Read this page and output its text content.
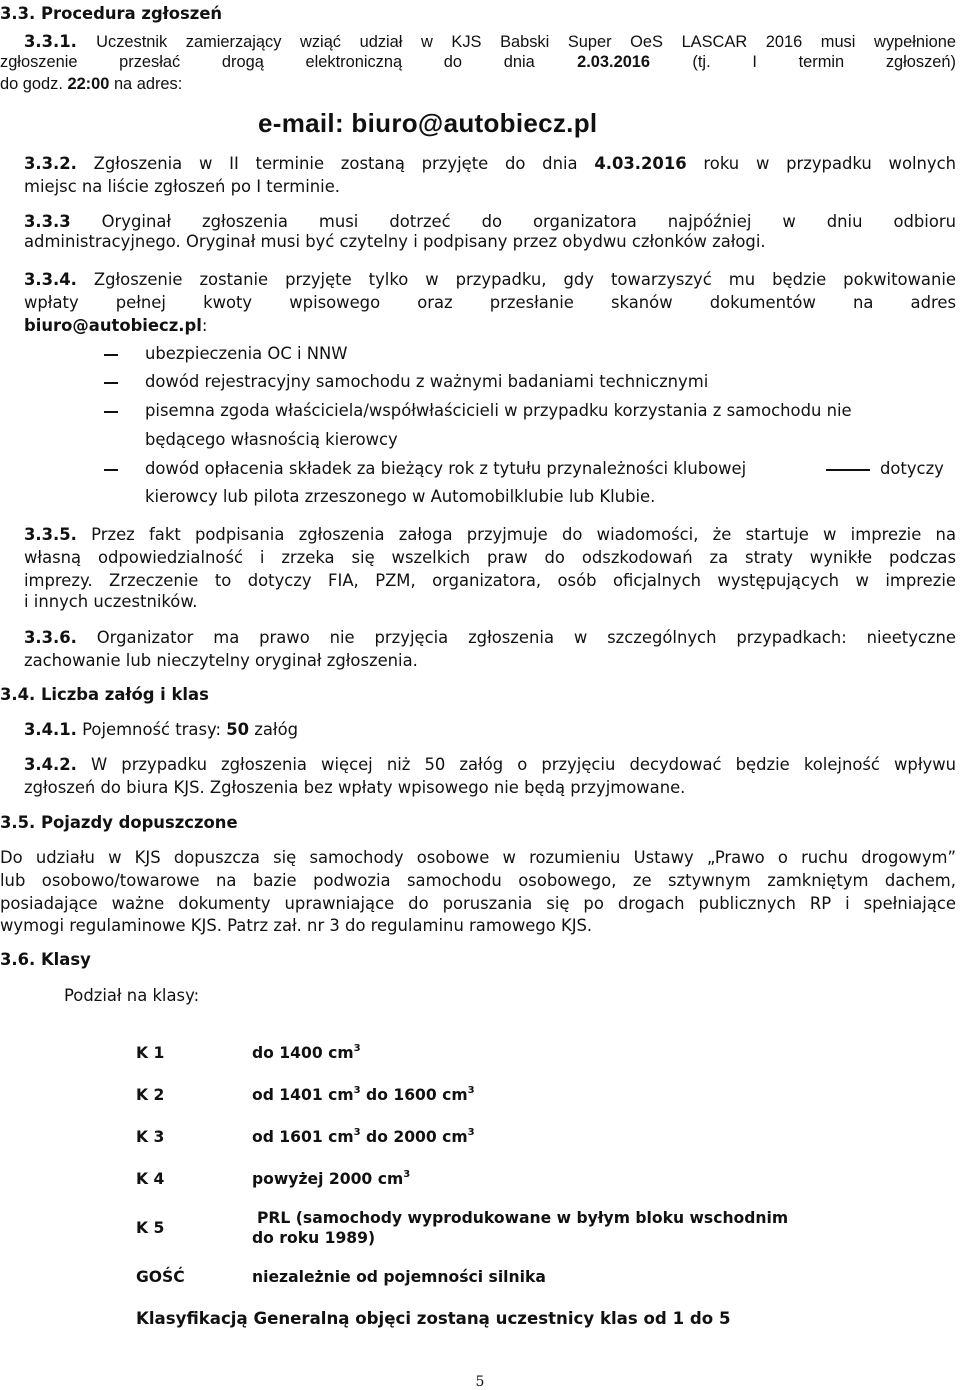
3.3. Procedura zgłoszeń
3.3.1. Uczestnik zamierzający wziąć udział w KJS Babski Super OeS LASCAR 2016 musi wypełnione
zgłoszenie przesłać drogą elektroniczną do dnia	2.03.2016	(tj. I termin zgłoszeń)
do godz. 22:00 na adres:
e-mail: biuro@autobiecz.pl
3.3.2. Zgłoszenia w II terminie zostaną przyjęte do dnia 4.03.2016 roku w przypadku wolnych
miejsc na liście zgłoszeń po I terminie.
3.3.3 Oryginał zgłoszenia musi dotrzeć do organizatora najpóźniej w dniu odbioru
administracyjnego. Oryginał musi być czytelny i podpisany przez obydwu członków załogi.
3.3.4. Zgłoszenie zostanie przyjęte tylko w przypadku, gdy towarzyszyć mu będzie pokwitowanie
wpłaty pełnej kwoty wpisowego oraz przesłanie skanów dokumentów na adres
biuro@autobiecz.pl:
ubezpieczenia OC i NNW
dowód rejestracyjny samochodu z ważnymi badaniami technicznymi
pisemna zgoda właściciela/współwłaścicieli w przypadku korzystania z samochodu nie
będącego własnością kierowcy
dowód opłacenia składek za bieżący rok z tytułu przynależności klubowej	dotyczy
kierowcy lub pilota zrzeszonego w Automobilklubie lub Klubie.
3.3.5. Przez fakt podpisania zgłoszenia załoga przyjmuje do wiadomości, że startuje w imprezie na
własną odpowiedzialność i zrzeka się wszelkich praw do odszkodowań za straty wynikłe podczas
imprezy. Zrzeczenie to dotyczy FIA, PZM, organizatora, osób oficjalnych występujących w imprezie
i innych uczestników.
3.3.6. Organizator ma prawo nie przyjęcia zgłoszenia w szczególnych przypadkach: nieetyczne
zachowanie lub nieczytelny oryginał zgłoszenia.
3.4. Liczba załóg i klas
3.4.1. Pojemność trasy: 50 załóg
3.4.2. W przypadku zgłoszenia więcej niż 50 załóg o przyjęciu decydować będzie kolejność wpływu
zgłoszeń do biura KJS. Zgłoszenia bez wpłaty wpisowego nie będą przyjmowane.
3.5. Pojazdy dopuszczone
Do udziału w KJS dopuszcza się samochody osobowe w rozumieniu Ustawy „Prawo o ruchu drogowym”
lub osobowo/towarowe na bazie podwozia samochodu osobowego, ze sztywnym zamkniętym dachem,
posiadające ważne dokumenty uprawniające do poruszania się po drogach publicznych RP i spełniające
wymogi regulaminowe KJS. Patrz zał. nr 3 do regulaminu ramowego KJS.
3.6. Klasy
Podział na klasy:
K 1	do 1400 $cm^3$
K 2	od 1401 $cm^3$ do 1600 $cm^3$
K 3	od 1601 $cm^3$ do 2000 $cm^3$
K 4	powyżej 2000 $cm^3$
K 5	PRL (samochody wyprodukowane w byłym bloku wschodnim
do roku 1989)

GOŚĆ	niezależnie od pojemności silnika
Klasyfikacją Generalną objęci zostaną uczestnicy klas od 1 do 5	
5
